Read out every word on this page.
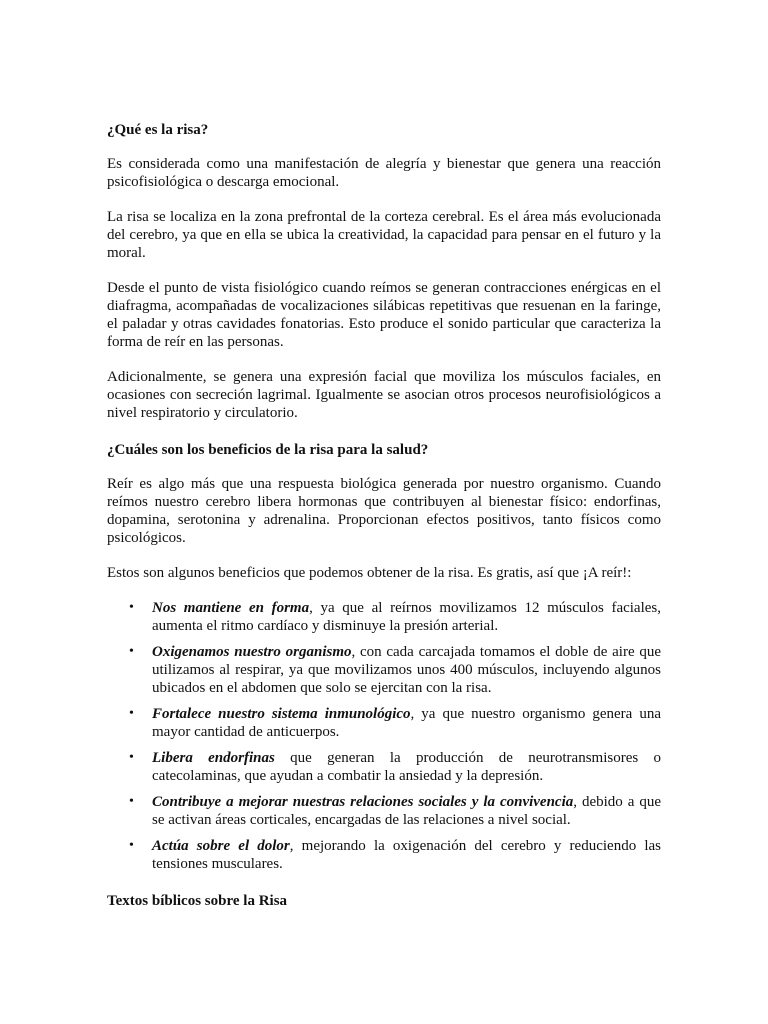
¿Qué es la risa?

Es considerada como una manifestación de alegría y bienestar que genera una reacción psicofisiológica o descarga emocional.

La risa se localiza en la zona prefrontal de la corteza cerebral. Es el área más evolucionada del cerebro, ya que en ella se ubica la creatividad, la capacidad para pensar en el futuro y la moral.

Desde el punto de vista fisiológico cuando reímos se generan contracciones enérgicas en el diafragma, acompañadas de vocalizaciones silábicas repetitivas que resuenan en la faringe, el paladar y otras cavidades fonatorias. Esto produce el sonido particular que caracteriza la forma de reír en las personas.

Adicionalmente, se genera una expresión facial que moviliza los músculos faciales, en ocasiones con secreción lagrimal. Igualmente se asocian otros procesos neurofisiológicos a nivel respiratorio y circulatorio.

¿Cuáles son los beneficios de la risa para la salud?

Reír es algo más que una respuesta biológica generada por nuestro organismo. Cuando reímos nuestro cerebro libera hormonas que contribuyen al bienestar físico: endorfinas, dopamina, serotonina y adrenalina. Proporcionan efectos positivos, tanto físicos como psicológicos.

Estos son algunos beneficios que podemos obtener de la risa. Es gratis, así que ¡A reír!:

• Nos mantiene en forma, ya que al reírnos movilizamos 12 músculos faciales, aumenta el ritmo cardíaco y disminuye la presión arterial.
• Oxigenamos nuestro organismo, con cada carcajada tomamos el doble de aire que utilizamos al respirar, ya que movilizamos unos 400 músculos, incluyendo algunos ubicados en el abdomen que solo se ejercitan con la risa.
• Fortalece nuestro sistema inmunológico, ya que nuestro organismo genera una mayor cantidad de anticuerpos.
• Libera endorfinas que generan la producción de neurotransmisores o catecolaminas, que ayudan a combatir la ansiedad y la depresión.
• Contribuye a mejorar nuestras relaciones sociales y la convivencia, debido a que se activan áreas corticales, encargadas de las relaciones a nivel social.
• Actúa sobre el dolor, mejorando la oxigenación del cerebro y reduciendo las tensiones musculares.
Textos bíblicos sobre la Risa
